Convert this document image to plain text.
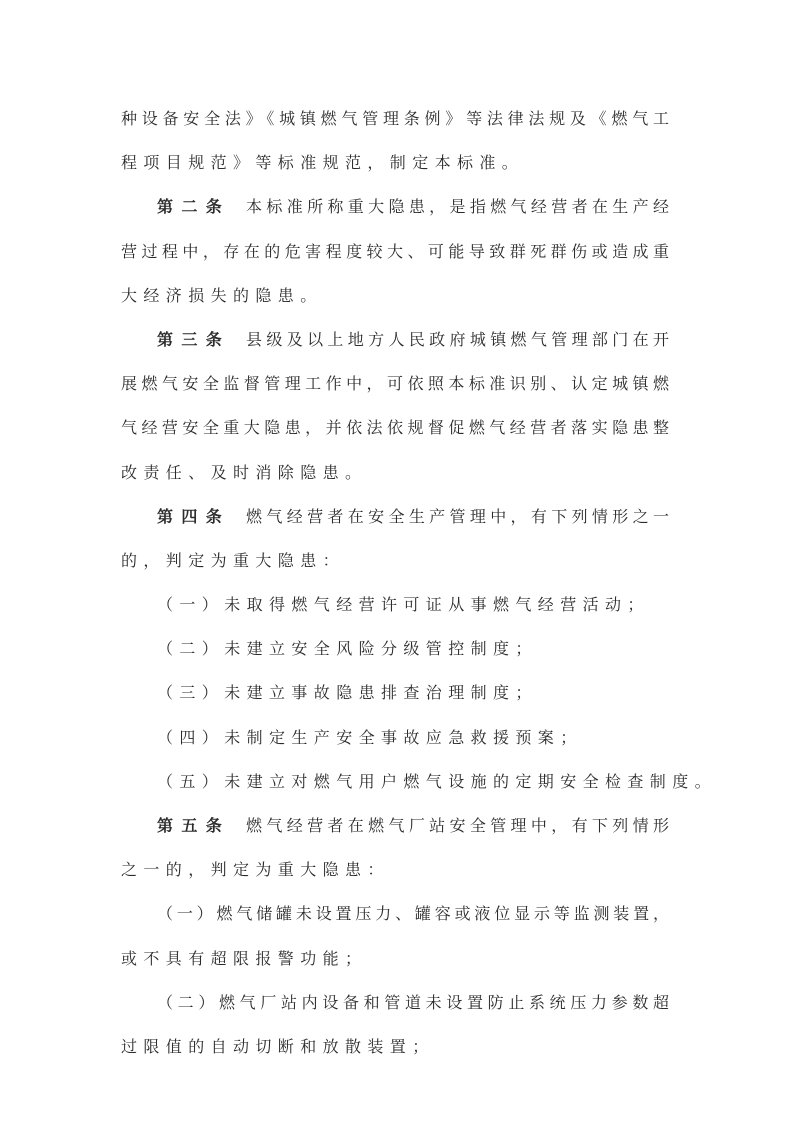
种设备安全法》《城镇燃气管理条例》等法律法规及《燃气工
程项目规范》等标准规范，制定本标准。
第二条 本标准所称重大隐患，是指燃气经营者在生产经
营过程中，存在的危害程度较大、可能导致群死群伤或造成重
大经济损失的隐患。
第三条 县级及以上地方人民政府城镇燃气管理部门在开
展燃气安全监督管理工作中，可依照本标准识别、认定城镇燃
气经营安全重大隐患，并依法依规督促燃气经营者落实隐患整
改责任、及时消除隐患。
第四条 燃气经营者在安全生产管理中，有下列情形之一
的，判定为重大隐患：
（一）未取得燃气经营许可证从事燃气经营活动；
（二）未建立安全风险分级管控制度；
（三）未建立事故隐患排查治理制度；
（四）未制定生产安全事故应急救援预案；
（五）未建立对燃气用户燃气设施的定期安全检查制度。
第五条 燃气经营者在燃气厂站安全管理中，有下列情形
之一的，判定为重大隐患：
（一）燃气储罐未设置压力、罐容或液位显示等监测装置，
或不具有超限报警功能；
（二）燃气厂站内设备和管道未设置防止系统压力参数超
过限值的自动切断和放散装置；
